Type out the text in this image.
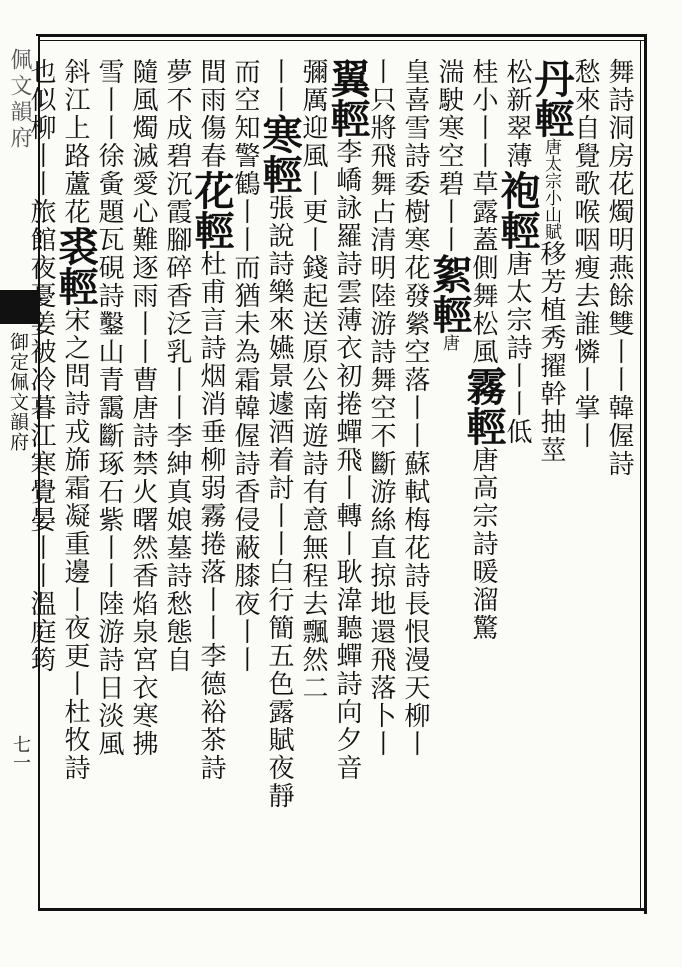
佩文韻府
御定佩文韻府
七一
舞詩洞房花燭明燕餘雙丨丨韓偓詩
愁來自覺歌喉咽瘦去誰憐丨掌丨
丹輕唐太宗小山賦移芳植秀擢幹抽莖
松新翠薄袍輕唐太宗詩丨丨低
桂小丨丨草露蓋側舞松風霧輕唐高宗詩暖溜驚
湍駛寒空碧丨丨絮輕唐
皇喜雪詩委樹寒花發縈空落丨丨蘇軾梅花詩長恨漫天柳丨
丨只將飛舞占清明陸游詩舞空不斷游絲直掠地還飛落卜丨
翼輕李嶠詠羅詩雲薄衣初捲蟬飛丨轉丨耿湋聽蟬詩向夕音
彌厲迎風丨更丨錢起送原公南遊詩有意無程去飄然二
丨丨寒輕張說詩樂來嬿景遽酒着討丨丨白行簡五色露賦夜靜
而空知警鶴丨丨而猶未為霜韓偓詩香侵蔽膝夜丨丨
間雨傷春花輕杜甫言詩烟消垂柳弱霧捲落丨丨李德裕茶詩
夢不成碧沉霞腳碎香泛乳丨丨李紳真娘墓詩愁態自
隨風燭滅愛心難逐雨丨丨曹唐詩禁火曙然香焰泉宮衣寒拂
雪丨丨徐夤題瓦硯詩鑿山青靄斷琢石紫丨丨陸游詩日淡風
斜江上路蘆花裘輕宋之問詩戎旆霜凝重邊丨夜更丨杜牧詩
也似柳丨丨旅館夜憂姜被冷暮江寒覺晏丨丨溫庭筠
